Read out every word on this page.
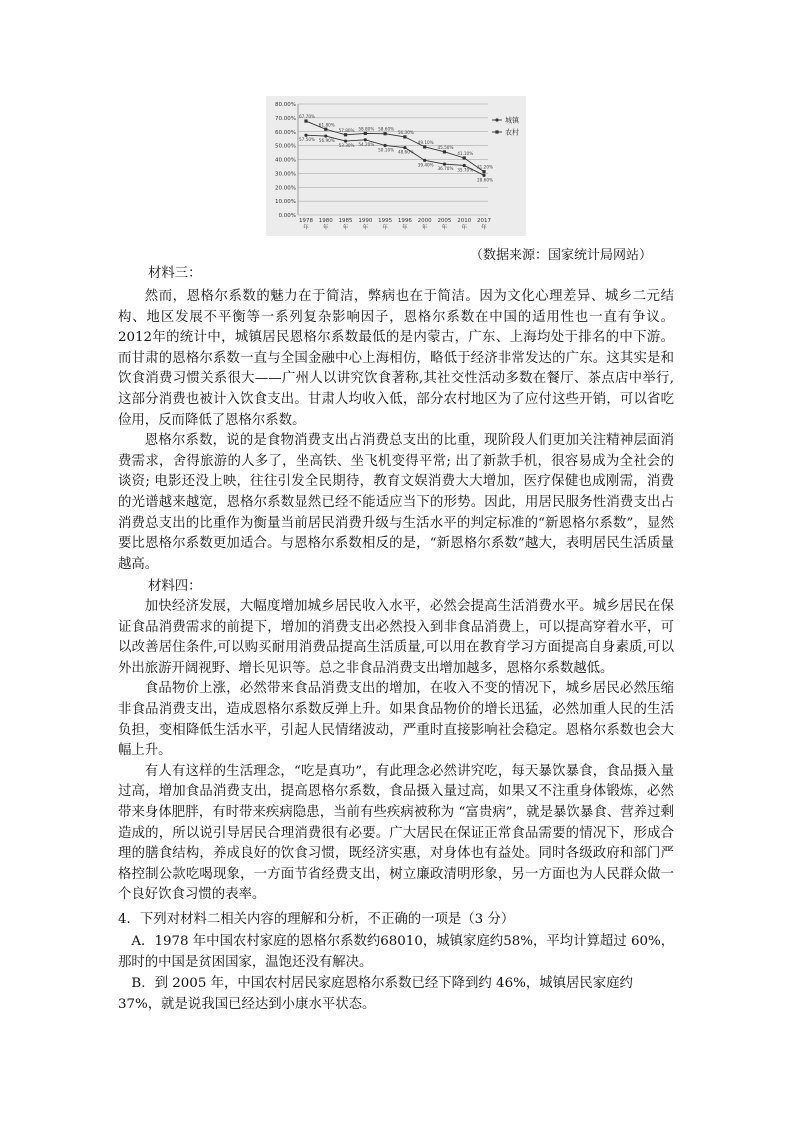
0.00%
10.00%
20.00%
30.00%
40.00%
50.00%
60.00%
70.00%
80.00%
1978
年
1980
年
1985
年
1990
年
1995
年
1996
年
2000
年
2005
年
2010
年
2017
年
57.50% 56.90%
53.30% 54.20%
50.10% 48.60%
39.40%
36.70% 35.70%
28.60%
城镇
67.70%
61.80%
57.80% 58.80% 58.60%
56.30%
49.10%
45.50%
41.10%
31.20%
农村
（数据来源：国家统计局网站）
材料三：

然而，恩格尔系数的魅力在于简洁，弊病也在于简洁。因为文化心理差异、城乡二元结构、地区发展不平衡等一系列复杂影响因子，恩格尔系数在中国的适用性也一直有争议。2012年的统计中，城镇居民恩格尔系数最低的是内蒙古，广东、上海均处于排名的中下游。而甘肃的恩格尔系数一直与全国金融中心上海相仿，略低于经济非常发达的广东。这其实是和饮食消费习惯关系很大——广州人以讲究饮食著称,其社交性活动多数在餐厅、茶点店中举行,这部分消费也被计入饮食支出。甘肃人均收入低，部分农村地区为了应付这些开销，可以省吃俭用，反而降低了恩格尔系数。

恩格尔系数，说的是食物消费支出占消费总支出的比重，现阶段人们更加关注精神层面消费需求，舍得旅游的人多了，坐高铁、坐飞机变得平常; 出了新款手机，很容易成为全社会的谈资; 电影还没上映，往往引发全民期待，教育文娱消费大大增加，医疗保健也成刚需，消费的光谱越来越宽，恩格尔系数显然已经不能适应当下的形势。因此，用居民服务性消费支出占消费总支出的比重作为衡量当前居民消费升级与生活水平的判定标准的“新恩格尔系数”，显然要比恩格尔系数更加适合。与恩格尔系数相反的是，“新恩格尔系数”越大，表明居民生活质量越高。

材料四：

加快经济发展，大幅度增加城乡居民收入水平，必然会提高生活消费水平。城乡居民在保证食品消费需求的前提下，增加的消费支出必然投入到非食品消费上，可以提高穿着水平，可以改善居住条件,可以购买耐用消费品提高生活质量,可以用在教育学习方面提高自身素质,可以外出旅游开阔视野、增长见识等。总之非食品消费支出增加越多，恩格尔系数越低。

食品物价上涨，必然带来食品消费支出的增加，在收入不变的情况下，城乡居民必然压缩非食品消费支出，造成恩格尔系数反弹上升。如果食品物价的增长迅猛，必然加重人民的生活负担，变相降低生活水平，引起人民情绪波动，严重时直接影响社会稳定。恩格尔系数也会大幅上升。

有人有这样的生活理念，“吃是真功”，有此理念必然讲究吃，每天暴饮暴食，食品摄入量过高，增加食品消费支出，提高恩格尔系数，食品摄入量过高，如果又不注重身体锻炼，必然带来身体肥胖，有时带来疾病隐患，当前有些疾病被称为 “富贵病”，就是暴饮暴食、营养过剩造成的，所以说引导居民合理消费很有必要。广大居民在保证正常食品需要的情况下，形成合理的膳食结构，养成良好的饮食习惯，既经济实惠，对身体也有益处。同时各级政府和部门严格控制公款吃喝现象，一方面节省经费支出，树立廉政清明形象，另一方面也为人民群众做一个良好饮食习惯的表率。

4．下列对材料二相关内容的理解和分析，不正确的一项是（3 分）
A．1978 年中国农村家庭的恩格尔系数约68010，城镇家庭约58%，平均计算超过 60%，那时的中国是贫困国家，温饱还没有解决。
B．到 2005 年，中国农村居民家庭恩格尔系数已经下降到约 46%，城镇居民家庭约 37%，就是说我国已经达到小康水平状态。
